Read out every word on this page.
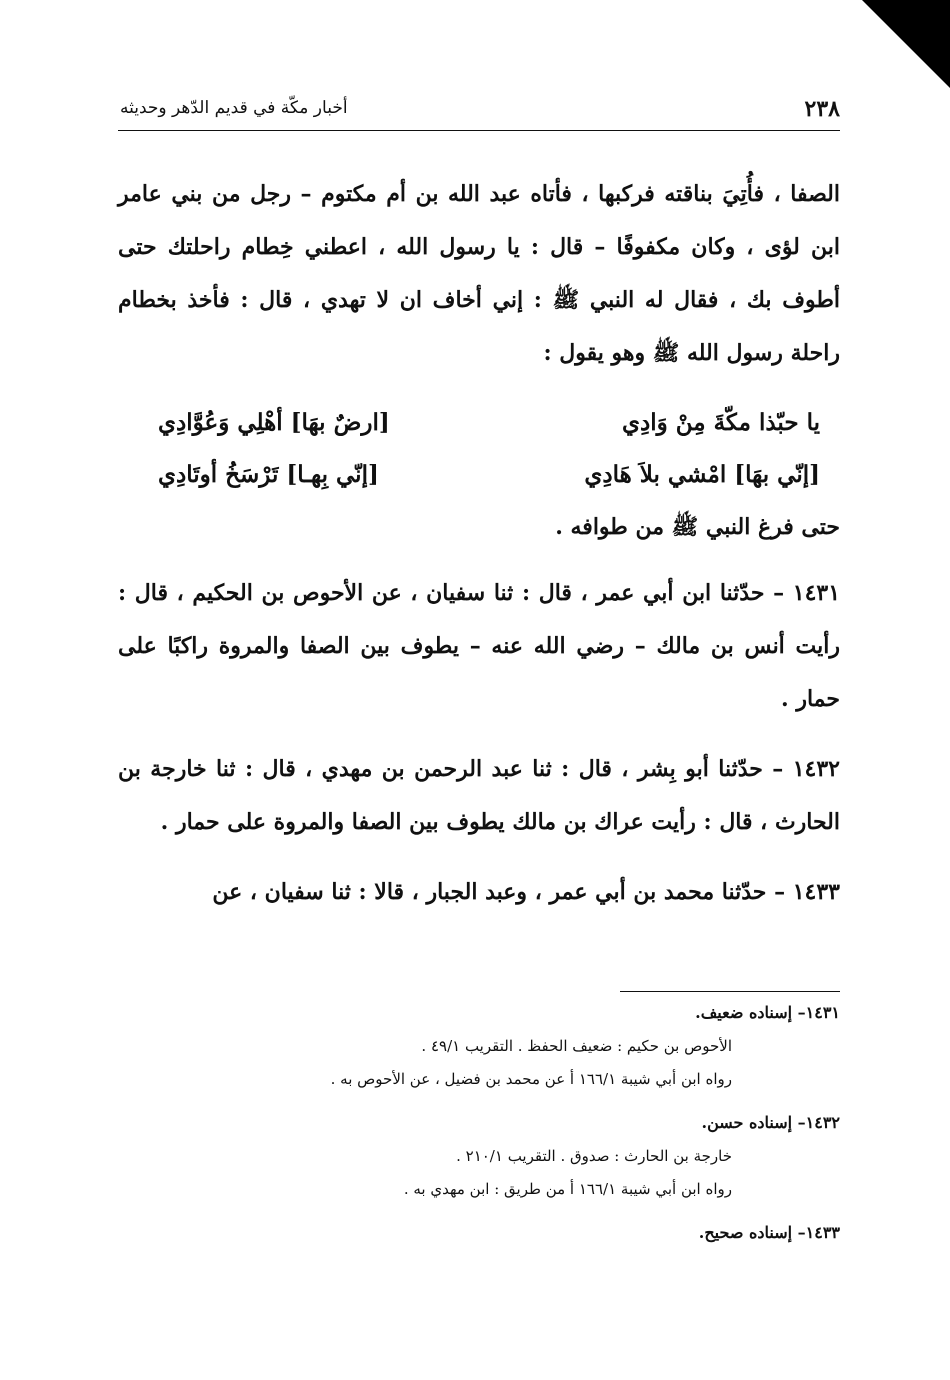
٢٣٨
أخبار مكّة في قديم الدّهر وحديثه

الصفا ، فأُتِيَ بناقته فركبها ، فأتاه عبد الله بن أم مكتوم – رجل من بني عامر ابن لؤى ، وكان مكفوفًا – قال : يا رسول الله ، اعطني خِطام راحلتك حتى أطوف بك ، فقال له النبي ﷺ : إني أخاف ان لا تهدي ، قال : فأخذ بخطام راحلة رسول الله ﷺ وهو يقول :

يا حبّذا مكّةَ مِنْ وَادِي
[ارضٌ بهَا] أهْلِي وَعُوَّادِي
[إنّي بهَا] امْشي بلاَ هَادِي
[إنّي بِهـا] تَرْسَخُ أوتَادِي

حتى فرغ النبي ﷺ من طوافه .

١٤٣١ – حدّثنا ابن أبي عمر ، قال : ثنا سفيان ، عن الأحوص بن الحكيم ، قال : رأيت أنس بن مالك – رضي الله عنه – يطوف بين الصفا والمروة راكبًا على حمار .

١٤٣٢ – حدّثنا أبو بِشر ، قال : ثنا عبد الرحمن بن مهدي ، قال : ثنا خارجة بن الحارث ، قال : رأيت عراك بن مالك يطوف بين الصفا والمروة على حمار .

١٤٣٣ – حدّثنا محمد بن أبي عمر ، وعبد الجبار ، قالا : ثنا سفيان ، عن

١٤٣١– إسناده ضعيف.
الأحوص بن حكيم : ضعيف الحفظ . التقريب ٤٩/١ .
رواه ابن أبي شيبة ١٦٦/١ أ عن محمد بن فضيل ، عن الأحوص به .
١٤٣٢– إسناده حسن.
خارجة بن الحارث : صدوق . التقريب ٢١٠/١ .
رواه ابن أبي شيبة ١٦٦/١ أ من طريق : ابن مهدي به .
١٤٣٣– إسناده صحيح.
